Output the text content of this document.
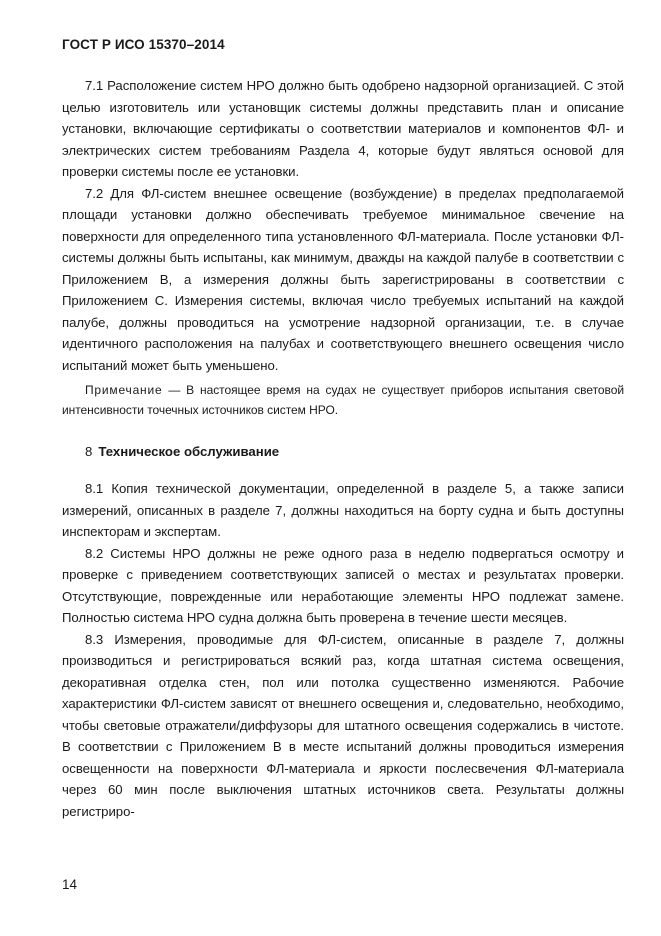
ГОСТ Р ИСО 15370–2014

7.1 Расположение систем НРО должно быть одобрено надзорной организацией. С этой целью изготовитель или установщик системы должны представить план и описание установки, включающие сертификаты о соответствии материалов и компонентов ФЛ- и электрических систем требованиям Раздела 4, которые будут являться основой для проверки системы после ее установки.

7.2 Для ФЛ-систем внешнее освещение (возбуждение) в пределах предполагаемой площади установки должно обеспечивать требуемое минимальное свечение на поверхности для определенного типа установленного ФЛ-материала. После установки ФЛ-системы должны быть испытаны, как минимум, дважды на каждой палубе в соответствии с Приложением В, а измерения должны быть зарегистрированы в соответствии с Приложением С. Измерения системы, включая число требуемых испытаний на каждой палубе, должны проводиться на усмотрение надзорной организации, т.е. в случае идентичного расположения на палубах и соответствующего внешнего освещения число испытаний может быть уменьшено.

Примечание — В настоящее время на судах не существует приборов испытания световой интенсивности точечных источников систем НРО.

8 Техническое обслуживание

8.1 Копия технической документации, определенной в разделе 5, а также записи измерений, описанных в разделе 7, должны находиться на борту судна и быть доступны инспекторам и экспертам.

8.2 Системы НРО должны не реже одного раза в неделю подвергаться осмотру и проверке с приведением соответствующих записей о местах и результатах проверки. Отсутствующие, поврежденные или неработающие элементы НРО подлежат замене. Полностью система НРО судна должна быть проверена в течение шести месяцев.

8.3 Измерения, проводимые для ФЛ-систем, описанные в разделе 7, должны производиться и регистрироваться всякий раз, когда штатная система освещения, декоративная отделка стен, пол или потолка существенно изменяются. Рабочие характеристики ФЛ-систем зависят от внешнего освещения и, следовательно, необходимо, чтобы световые отражатели/диффузоры для штатного освещения содержались в чистоте. В соответствии с Приложением В в месте испытаний должны проводиться измерения освещенности на поверхности ФЛ-материала и яркости послесвечения ФЛ-материала через 60 мин после выключения штатных источников света. Результаты должны регистриро-

14
